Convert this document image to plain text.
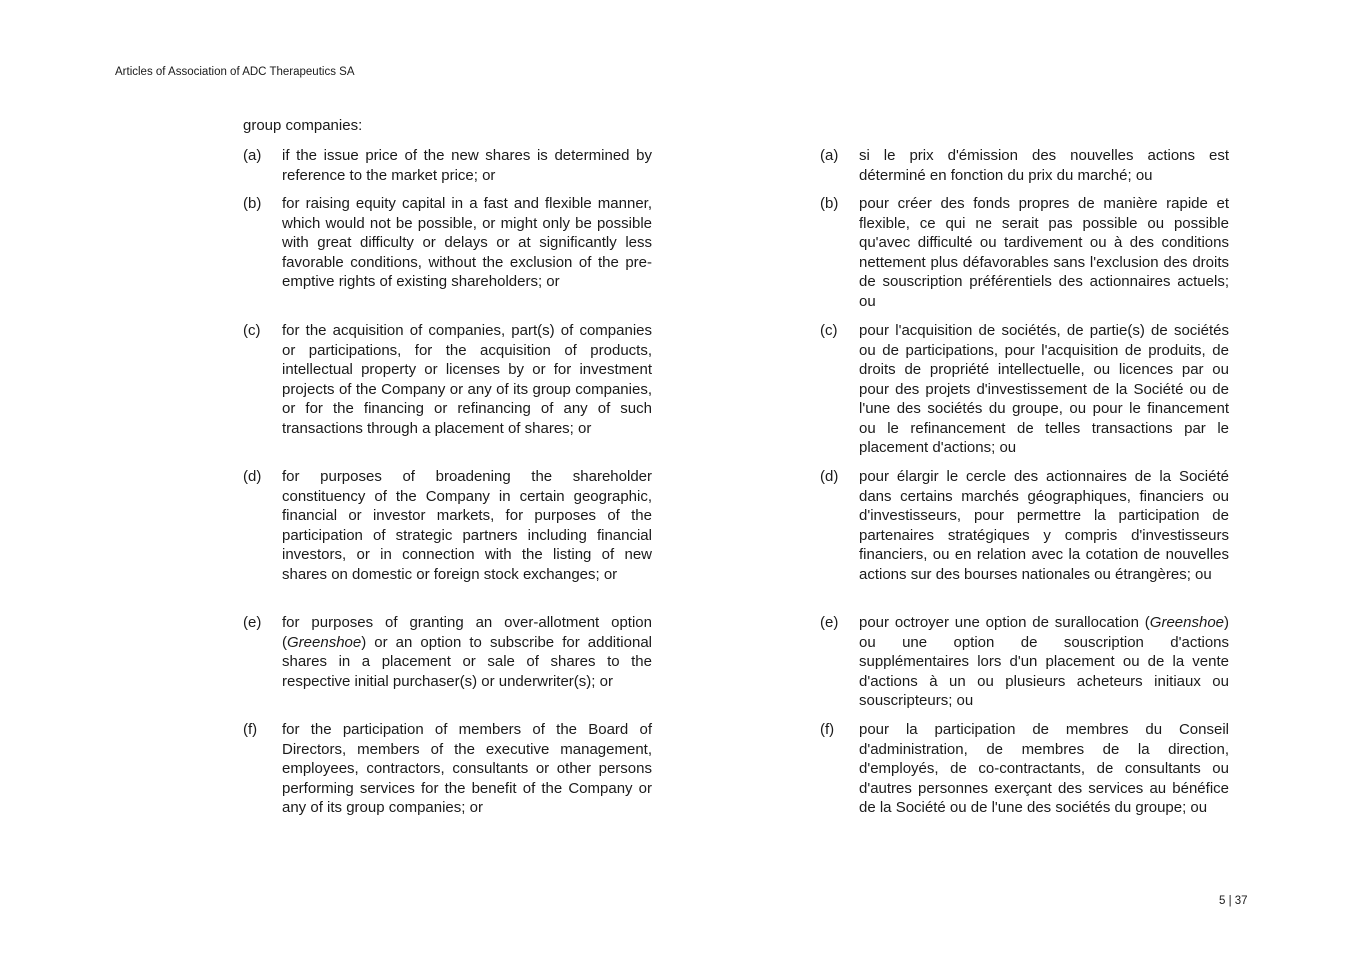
Articles of Association of ADC Therapeutics SA

group companies:

(a)	if the issue price of the new shares is determined by reference to the market price; or
(b)	for raising equity capital in a fast and flexible manner, which would not be possible, or might only be possible with great difficulty or delays or at significantly less favorable conditions, without the exclusion of the pre-emptive rights of existing shareholders; or
(c)	for the acquisition of companies, part(s) of companies or participations, for the acquisition of products, intellectual property or licenses by or for investment projects of the Company or any of its group companies, or for the financing or refinancing of any of such transactions through a placement of shares; or
(d)	for purposes of broadening the shareholder constituency of the Company in certain geographic, financial or investor markets, for purposes of the participation of strategic partners including financial investors, or in connection with the listing of new shares on domestic or foreign stock exchanges; or
(e)	for purposes of granting an over-allotment option (Greenshoe) or an option to subscribe for additional shares in a placement or sale of shares to the respective initial purchaser(s) or underwriter(s); or
(f)	for the participation of members of the Board of Directors, members of the executive management, employees, contractors, consultants or other persons performing services for the benefit of the Company or any of its group companies; or
(a)	si le prix d'émission des nouvelles actions est déterminé en fonction du prix du marché; ou
(b)	pour créer des fonds propres de manière rapide et flexible, ce qui ne serait pas possible ou possible qu'avec difficulté ou tardivement ou à des conditions nettement plus défavorables sans l'exclusion des droits de souscription préférentiels des actionnaires actuels; ou
(c)	pour l'acquisition de sociétés, de partie(s) de sociétés ou de participations, pour l'acquisition de produits, de droits de propriété intellectuelle, ou licences par ou pour des projets d'investissement de la Société ou de l'une des sociétés du groupe, ou pour le financement ou le refinancement de telles transactions par le placement d'actions; ou
(d)	pour élargir le cercle des actionnaires de la Société dans certains marchés géographiques, financiers ou d'investisseurs, pour permettre la participation de partenaires stratégiques y compris d'investisseurs financiers, ou en relation avec la cotation de nouvelles actions sur des bourses nationales ou étrangères; ou
(e)	pour octroyer une option de surallocation (Greenshoe) ou une option de souscription d'actions supplémentaires lors d'un placement ou de la vente d'actions à un ou plusieurs acheteurs initiaux ou souscripteurs; ou
(f)	pour la participation de membres du Conseil d'administration, de membres de la direction, d'employés, de co-contractants, de consultants ou d'autres personnes exerçant des services au bénéfice de la Société ou de l'une des sociétés du groupe; ou
5 | 37
